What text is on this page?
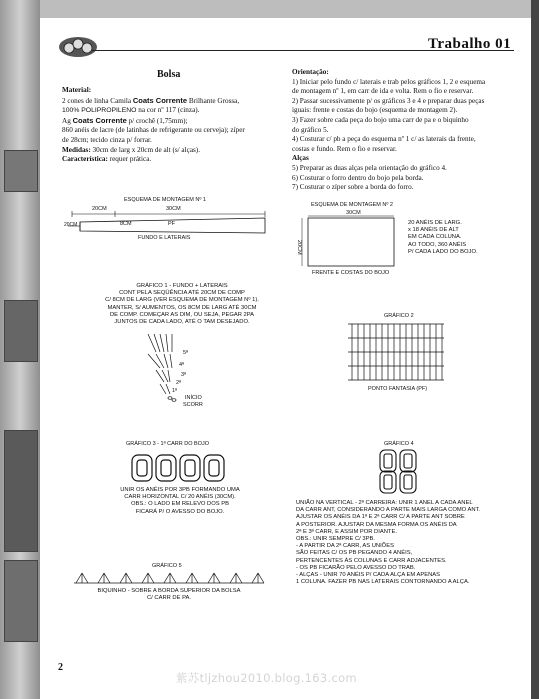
Trabalho 01
Bolsa
Material:
2 cones de linha Camila Coats Corrente Brilhante Grossa,
100% POLIPROPILENO na cor nº 117 (cinza).
Ag Coats Corrente p/ crochê (1,75mm);
860 anéis de lacre (de latinhas de refrigerante ou cerveja); zíper
de 28cm; tecido cinza p/ forrar.
Medidas: 30cm de larg x 20cm de alt (s/ alças).
Característica: requer prática.
Orientação:
1) Iniciar pelo fundo c/ laterais e trab pelos gráficos 1, 2 e esquema
de montagem nº 1, em carr de ida e volta. Rem o fio e reservar.
2) Passar sucessivamente p/ os gráficos 3 e 4 e preparar duas peças
iguais: frente e costas do bojo (esquema de montagem 2).
3) Fazer sobre cada peça do bojo uma carr de pa e o biquinho
do gráfico 5.
4) Costurar c/ pb a peça do esquema nº 1 c/ as laterais da frente,
costas e fundo. Rem o fio e reservar.
Alças
5) Preparar as duas alças pela orientação do gráfico 4.
6) Costurar o forro dentro do bojo pela borda.
7) Costurar o zíper sobre a borda do forro.
ESQUEMA DE MONTAGEM Nº 1
20CM	30CM
20CM	8CM	PF
FUNDO E LATERAIS
ESQUEMA DE MONTAGEM Nº 2
30CM
20CM
20 ANÉIS DE LARG.
x 18 ANÉIS DE ALT
EM CADA COLUNA.
AO TODO, 360 ANÉIS
P/ CADA LADO DO BOJO.
FRENTE E COSTAS DO BOJO
GRÁFICO 1 - FUNDO + LATERAIS
CONT PELA SEQÜÊNCIA ATÉ 20CM DE COMP
C/ 8CM DE LARG (VER ESQUEMA DE MONTAGEM Nº 1).
MANTER, S/ AUMENTOS, OS 8CM DE LARG ATÉ 30CM
DE COMP. COMEÇAR AS DIM, OU SEJA, PEGAR 2PA
JUNTOS DE CADA LADO, ATÉ O TAM DESEJADO.
5ª
4ª
3ª
2ª
1ª
INÍCIO
SCORR
GRÁFICO 2
PONTO FANTASIA (PF)
GRÁFICO 3 - 1ª CARR DO BOJO
UNIR OS ANÉIS POR 3PB FORMANDO UMA
CARR HORIZONTAL C/ 20 ANÉIS (30CM).
OBS.: O LADO EM RELEVO DOS PB
FICARÁ P/ O AVESSO DO BOJO.
GRÁFICO 4
UNIÃO NA VERTICAL - 2ª CARREIRA: UNIR 1 ANEL A CADA ANEL
DA CARR ANT, CONSIDERANDO A PARTE MAIS LARGA COMO ANT.
AJUSTAR OS ANÉIS DA 1ª E 2ª CARR C/ A PARTE ANT SOBRE
A POSTERIOR. AJUSTAR DA MESMA FORMA OS ANÉIS DA
2ª E 3ª CARR, E ASSIM POR DIANTE.
OBS.: UNIR SEMPRE C/ 3PB.
- A PARTIR DA 2ª CARR, AS UNIÕES
SÃO FEITAS C/ OS PB PEGANDO 4 ANÉIS,
PERTENCENTES ÀS COLUNAS E CARR ADJACENTES.
- OS PB FICARÃO PELO AVESSO DO TRAB.
- ALÇAS - UNIR 70 ANÉIS P/ CADA ALÇA EM APENAS
1 COLUNA. FAZER PB NAS LATERAIS CONTORNANDO A ALÇA.
GRÁFICO 5
BIQUINHO - SOBRE A BORDA SUPERIOR DA BOLSA
C/ CARR DE PA.
2
紫苏tljzhou2010.blog.163.com
